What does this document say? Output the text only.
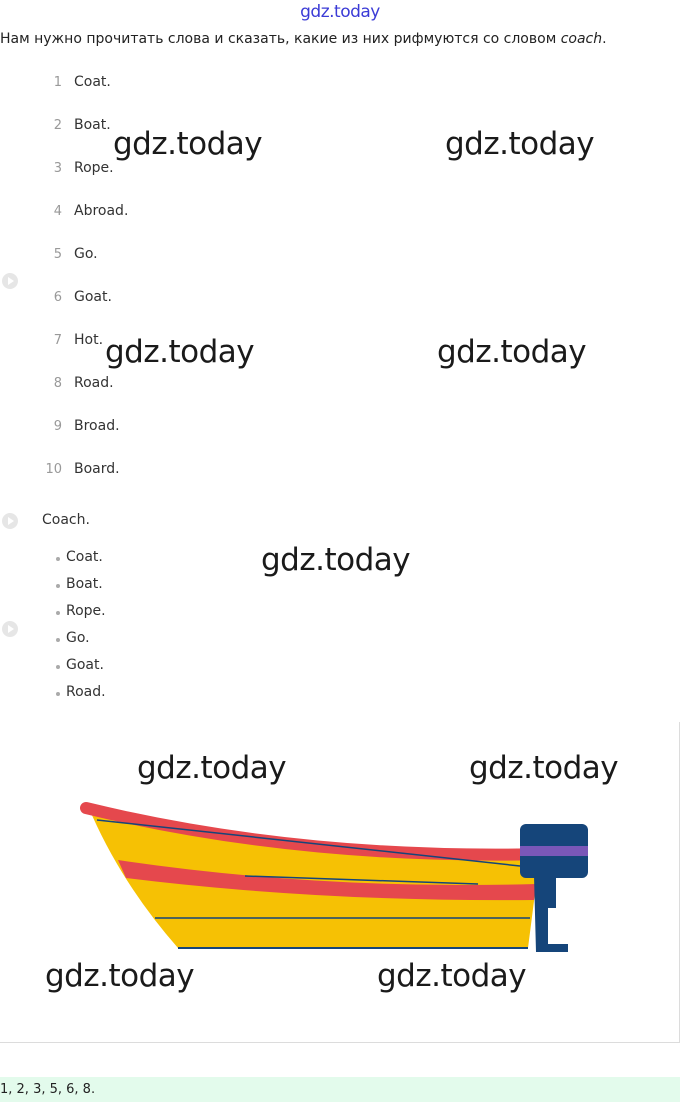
gdz.today
Нам нужно прочитать слова и сказать, какие из них рифмуются со словом coach.
1 Coat.
2 Boat.
3 Rope.
4 Abroad.
5 Go.
6 Goat.
7 Hot.
8 Road.
9 Broad.
10 Board.
Coach.
Coat.
Boat.
Rope.
Go.
Goat.
Road.
gdz.today	gdz.today
gdz.today	gdz.today
gdz.today
gdz.today	gdz.today
gdz.today	gdz.today
1, 2, 3, 5, 6, 8.
